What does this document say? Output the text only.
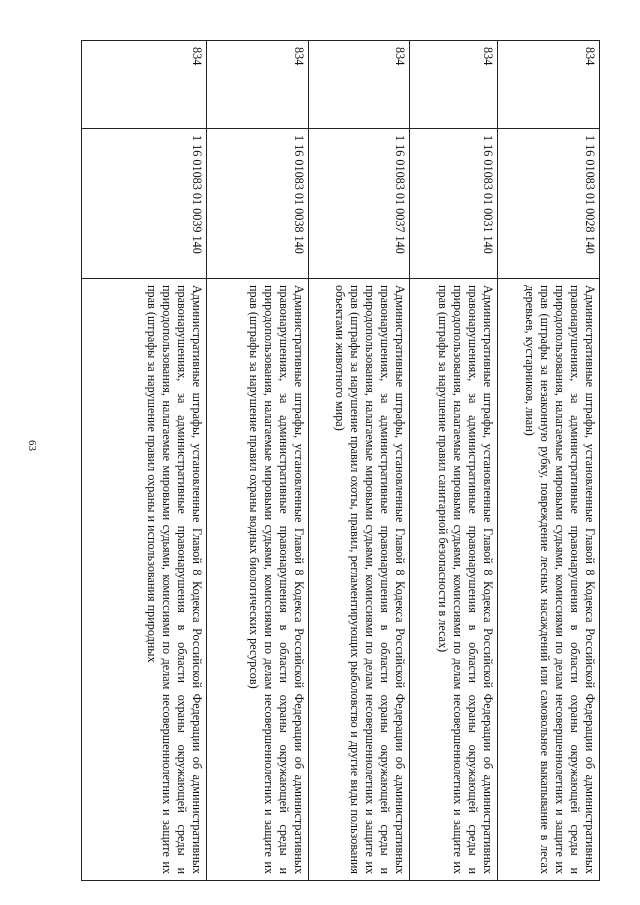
63
834	1 16 01083 01 0028 140	Административные штрафы, установленные Главой 8 Кодекса Российской Федерации об административных правонарушениях, за административные правонарушения в области охраны окружающей среды и природопользования, налагаемые мировыми судьями, комиссиями по делам несовершеннолетних и защите их прав (штрафы за незаконную рубку, повреждение лесных насаждений или самовольное выкапывание в лесах деревьев, кустарников, лиан)
834	1 16 01083 01 0031 140	Административные штрафы, установленные Главой 8 Кодекса Российской Федерации об административных правонарушениях, за административные правонарушения в области охраны окружающей среды и природопользования, налагаемые мировыми судьями, комиссиями по делам несовершеннолетних и защите их прав (штрафы за нарушение правил санитарной безопасности в лесах)
834	1 16 01083 01 0037 140	Административные штрафы, установленные Главой 8 Кодекса Российской Федерации об административных правонарушениях, за административные правонарушения в области охраны окружающей среды и природопользования, налагаемые мировыми судьями, комиссиями по делам несовершеннолетних и защите их прав (штрафы за нарушение правил охоты, правил, регламентирующих рыболовство и другие виды пользования объектами животного мира)
834	1 16 01083 01 0038 140	Административные штрафы, установленные Главой 8 Кодекса Российской Федерации об административных правонарушениях, за административные правонарушения в области охраны окружающей среды и природопользования, налагаемые мировыми судьями, комиссиями по делам несовершеннолетних и защите их прав (штрафы за нарушение правил охраны водных биологических ресурсов)
834	1 16 01083 01 0039 140	Административные штрафы, установленные Главой 8 Кодекса Российской Федерации об административных правонарушениях, за административные правонарушения в области охраны окружающей среды и природопользования, налагаемые мировыми судьями, комиссиями по делам несовершеннолетних и защите их прав (штрафы за нарушение правил охраны и использования природных
